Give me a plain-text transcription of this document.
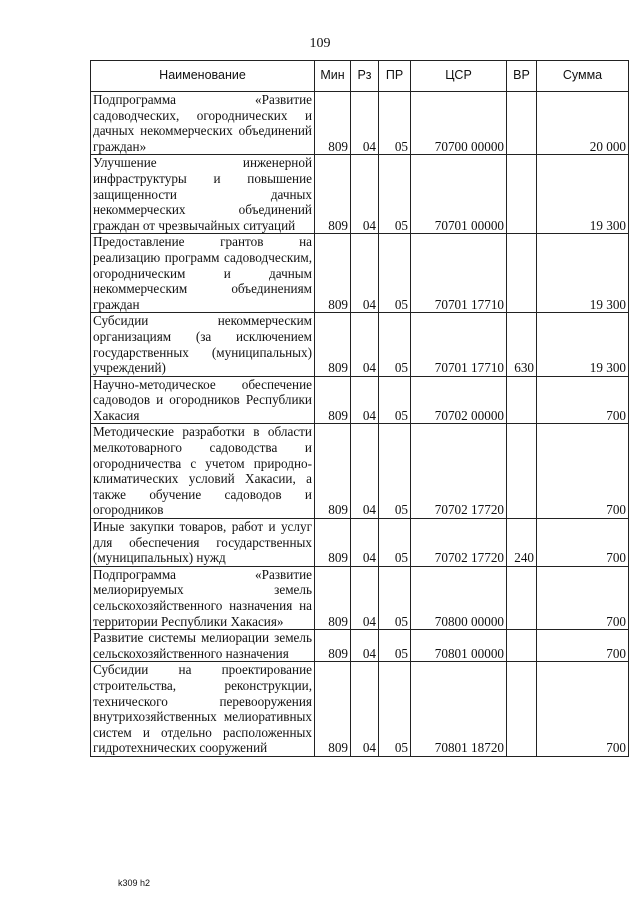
109
Наименование	Мин	Рз	ПР	ЦСР	ВР	Сумма
Подпрограмма «Развитие садоводческих, огороднических и дачных некоммерческих объединений граждан»	809	04	05	70700 00000		20 000
Улучшение инженерной инфраструктуры и повышение защищенности дачных некоммерческих объединений граждан от чрезвычайных ситуаций	809	04	05	70701 00000		19 300
Предоставление грантов на реализацию программ садоводческим, огородническим и дачным некоммерческим объединениям граждан	809	04	05	70701 17710		19 300
Субсидии некоммерческим организациям (за исключением государственных (муниципальных) учреждений)	809	04	05	70701 17710	630	19 300
Научно-методическое обеспечение садоводов и огородников Республики Хакасия	809	04	05	70702 00000		700
Методические разработки в области мелкотоварного садоводства и огородничества с учетом природно-климатических условий Хакасии, а также обучение садоводов и огородников	809	04	05	70702 17720		700
Иные закупки товаров, работ и услуг для обеспечения государственных (муниципальных) нужд	809	04	05	70702 17720	240	700
Подпрограмма «Развитие мелиорируемых земель сельскохозяйственного назначения на территории Республики Хакасия»	809	04	05	70800 00000		700
Развитие системы мелиорации земель сельскохозяйственного назначения	809	04	05	70801 00000		700
Субсидии на проектирование строительства, реконструкции, технического перевооружения внутрихозяйственных мелиоративных систем и отдельно расположенных гидротехнических сооружений	809	04	05	70801 18720		700
k309 h2
